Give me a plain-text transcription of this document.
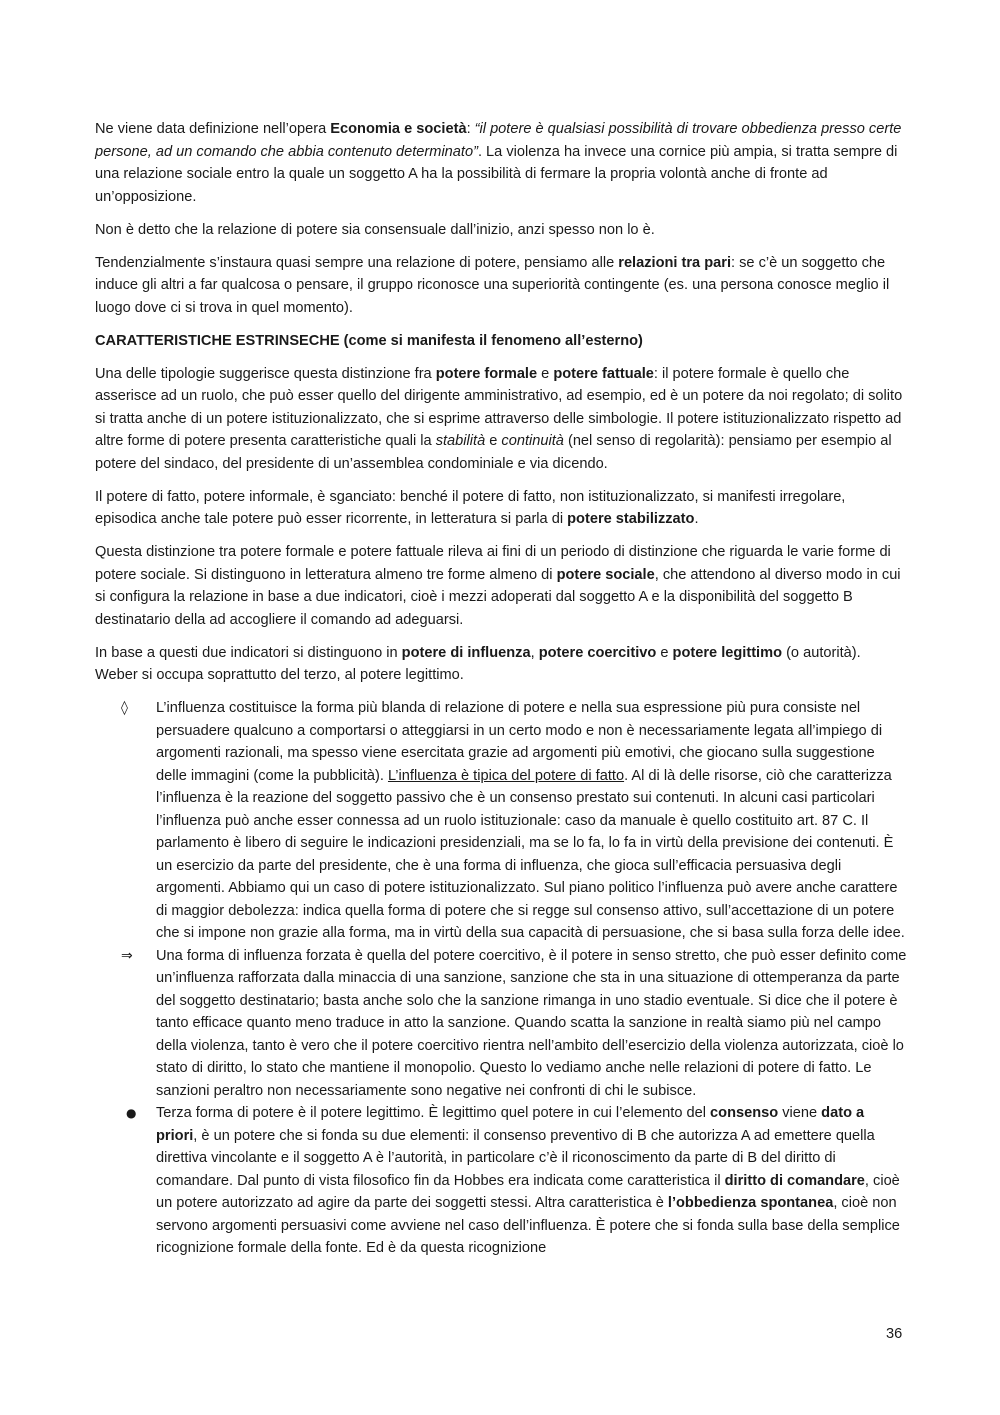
Ne viene data definizione nell’opera Economia e società: “il potere è qualsiasi possibilità di trovare obbedienza presso certe persone, ad un comando che abbia contenuto determinato”. La violenza ha invece una cornice più ampia, si tratta sempre di una relazione sociale entro la quale un soggetto A ha la possibilità di fermare la propria volontà anche di fronte ad un’opposizione.

Non è detto che la relazione di potere sia consensuale dall’inizio, anzi spesso non lo è.

Tendenzialmente s’instaura quasi sempre una relazione di potere, pensiamo alle relazioni tra pari: se c’è un soggetto che induce gli altri a far qualcosa o pensare, il gruppo riconosce una superiorità contingente (es. una persona conosce meglio il luogo dove ci si trova in quel momento).

CARATTERISTICHE ESTRINSECHE (come si manifesta il fenomeno all’esterno)

Una delle tipologie suggerisce questa distinzione fra potere formale e potere fattuale: il potere formale è quello che asserisce ad un ruolo, che può esser quello del dirigente amministrativo, ad esempio, ed è un potere da noi regolato; di solito si tratta anche di un potere istituzionalizzato, che si esprime attraverso delle simbologie. Il potere istituzionalizzato rispetto ad altre forme di potere presenta caratteristiche quali la stabilità e continuità (nel senso di regolarità): pensiamo per esempio al potere del sindaco, del presidente di un’assemblea condominiale e via dicendo.

Il potere di fatto, potere informale, è sganciato: benché il potere di fatto, non istituzionalizzato, si manifesti irregolare, episodica anche tale potere può esser ricorrente, in letteratura si parla di potere stabilizzato.

Questa distinzione tra potere formale e potere fattuale rileva ai fini di un periodo di distinzione che riguarda le varie forme di potere sociale. Si distinguono in letteratura almeno tre forme almeno di potere sociale, che attendono al diverso modo in cui si configura la relazione in base a due indicatori, cioè i mezzi adoperati dal soggetto A e la disponibilità del soggetto B destinatario della ad accogliere il comando ad adeguarsi.

In base a questi due indicatori si distinguono in potere di influenza, potere coercitivo e potere legittimo (o autorità). Weber si occupa soprattutto del terzo, al potere legittimo.

◊	L’influenza costituisce la forma più blanda di relazione di potere e nella sua espressione più pura consiste nel persuadere qualcuno a comportarsi o atteggiarsi in un certo modo e non è necessariamente legata all’impiego di argomenti razionali, ma spesso viene esercitata grazie ad argomenti più emotivi, che giocano sulla suggestione delle immagini (come la pubblicità). L’influenza è tipica del potere di fatto. Al di là delle risorse, ciò che caratterizza l’influenza è la reazione del soggetto passivo che è un consenso prestato sui contenuti. In alcuni casi particolari l’influenza può anche esser connessa ad un ruolo istituzionale: caso da manuale è quello costituito art. 87 C. Il parlamento è libero di seguire le indicazioni presidenziali, ma se lo fa, lo fa in virtù della previsione dei contenuti. È un esercizio da parte del presidente, che è una forma di influenza, che gioca sull’efficacia persuasiva degli argomenti. Abbiamo qui un caso di potere istituzionalizzato. Sul piano politico l’influenza può avere anche carattere di maggior debolezza: indica quella forma di potere che si regge sul consenso attivo, sull’accettazione di un potere che si impone non grazie alla forma, ma in virtù della sua capacità di persuasione, che si basa sulla forza delle idee.
⇒	Una forma di influenza forzata è quella del potere coercitivo, è il potere in senso stretto, che può esser definito come un’influenza rafforzata dalla minaccia di una sanzione, sanzione che sta in una situazione di ottemperanza da parte del soggetto destinatario; basta anche solo che la sanzione rimanga in uno stadio eventuale. Si dice che il potere è tanto efficace quanto meno traduce in atto la sanzione. Quando scatta la sanzione in realtà siamo più nel campo della violenza, tanto è vero che il potere coercitivo rientra nell’ambito dell’esercizio della violenza autorizzata, cioè lo stato di diritto, lo stato che mantiene il monopolio. Questo lo vediamo anche nelle relazioni di potere di fatto. Le sanzioni peraltro non necessariamente sono negative nei confronti di chi le subisce.
●	Terza forma di potere è il potere legittimo. È legittimo quel potere in cui l’elemento del consenso viene dato a priori, è un potere che si fonda su due elementi: il consenso preventivo di B che autorizza A ad emettere quella direttiva vincolante e il soggetto A è l’autorità, in particolare c’è il riconoscimento da parte di B del diritto di comandare. Dal punto di vista filosofico fin da Hobbes era indicata come caratteristica il diritto di comandare, cioè un potere autorizzato ad agire da parte dei soggetti stessi. Altra caratteristica è l’obbedienza spontanea, cioè non servono argomenti persuasivi come avviene nel caso dell’influenza. È potere che si fonda sulla base della semplice ricognizione formale della fonte. Ed è da questa ricognizione
36
